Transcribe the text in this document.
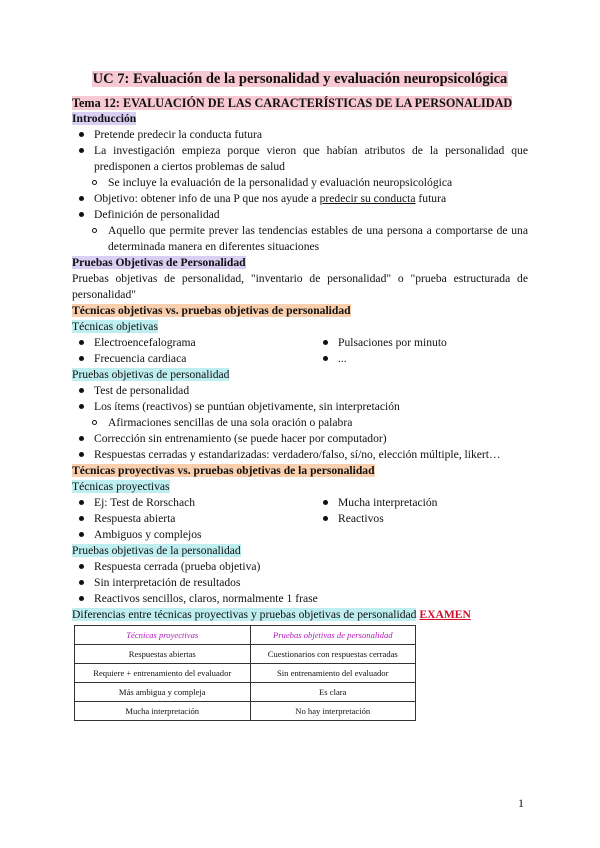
UC 7: Evaluación de la personalidad y evaluación neuropsicológica
Tema 12: EVALUACIÓN DE LAS CARACTERÍSTICAS DE LA PERSONALIDAD
Introducción
Pretende predecir la conducta futura
La investigación empieza porque vieron que habían atributos de la personalidad que predisponen a ciertos problemas de salud
Se incluye la evaluación de la personalidad y evaluación neuropsicológica
Objetivo: obtener info de una P que nos ayude a predecir su conducta futura
Definición de personalidad
Aquello que permite prever las tendencias estables de una persona a comportarse de una determinada manera en diferentes situaciones
Pruebas Objetivas de Personalidad
Pruebas objetivas de personalidad, "inventario de personalidad" o "prueba estructurada de personalidad"
Técnicas objetivas vs. pruebas objetivas de personalidad
Técnicas objetivas
Electroencefalograma
Frecuencia cardiaca
Pulsaciones por minuto
...
Pruebas objetivas de personalidad
Test de personalidad
Los ítems (reactivos) se puntúan objetivamente, sin interpretación
Afirmaciones sencillas de una sola oración o palabra
Corrección sin entrenamiento (se puede hacer por computador)
Respuestas cerradas y estandarizadas: verdadero/falso, sí/no, elección múltiple, likert…
Técnicas proyectivas vs. pruebas objetivas de la personalidad
Técnicas proyectivas
Ej: Test de Rorschach
Respuesta abierta
Ambiguos y complejos
Mucha interpretación
Reactivos
Pruebas objetivas de la personalidad
Respuesta cerrada (prueba objetiva)
Sin interpretación de resultados
Reactivos sencillos, claros, normalmente 1 frase
Diferencias entre técnicas proyectivas y pruebas objetivas de personalidad EXAMEN
Técnicas proyectivas	Pruebas objetivas de personalidad
Respuestas abiertas	Cuestionarios con respuestas cerradas
Requiere + entrenamiento del evaluador	Sin entrenamiento del evaluador
Más ambigua y compleja	Es clara
Mucha interpretación	No hay interpretación
1
